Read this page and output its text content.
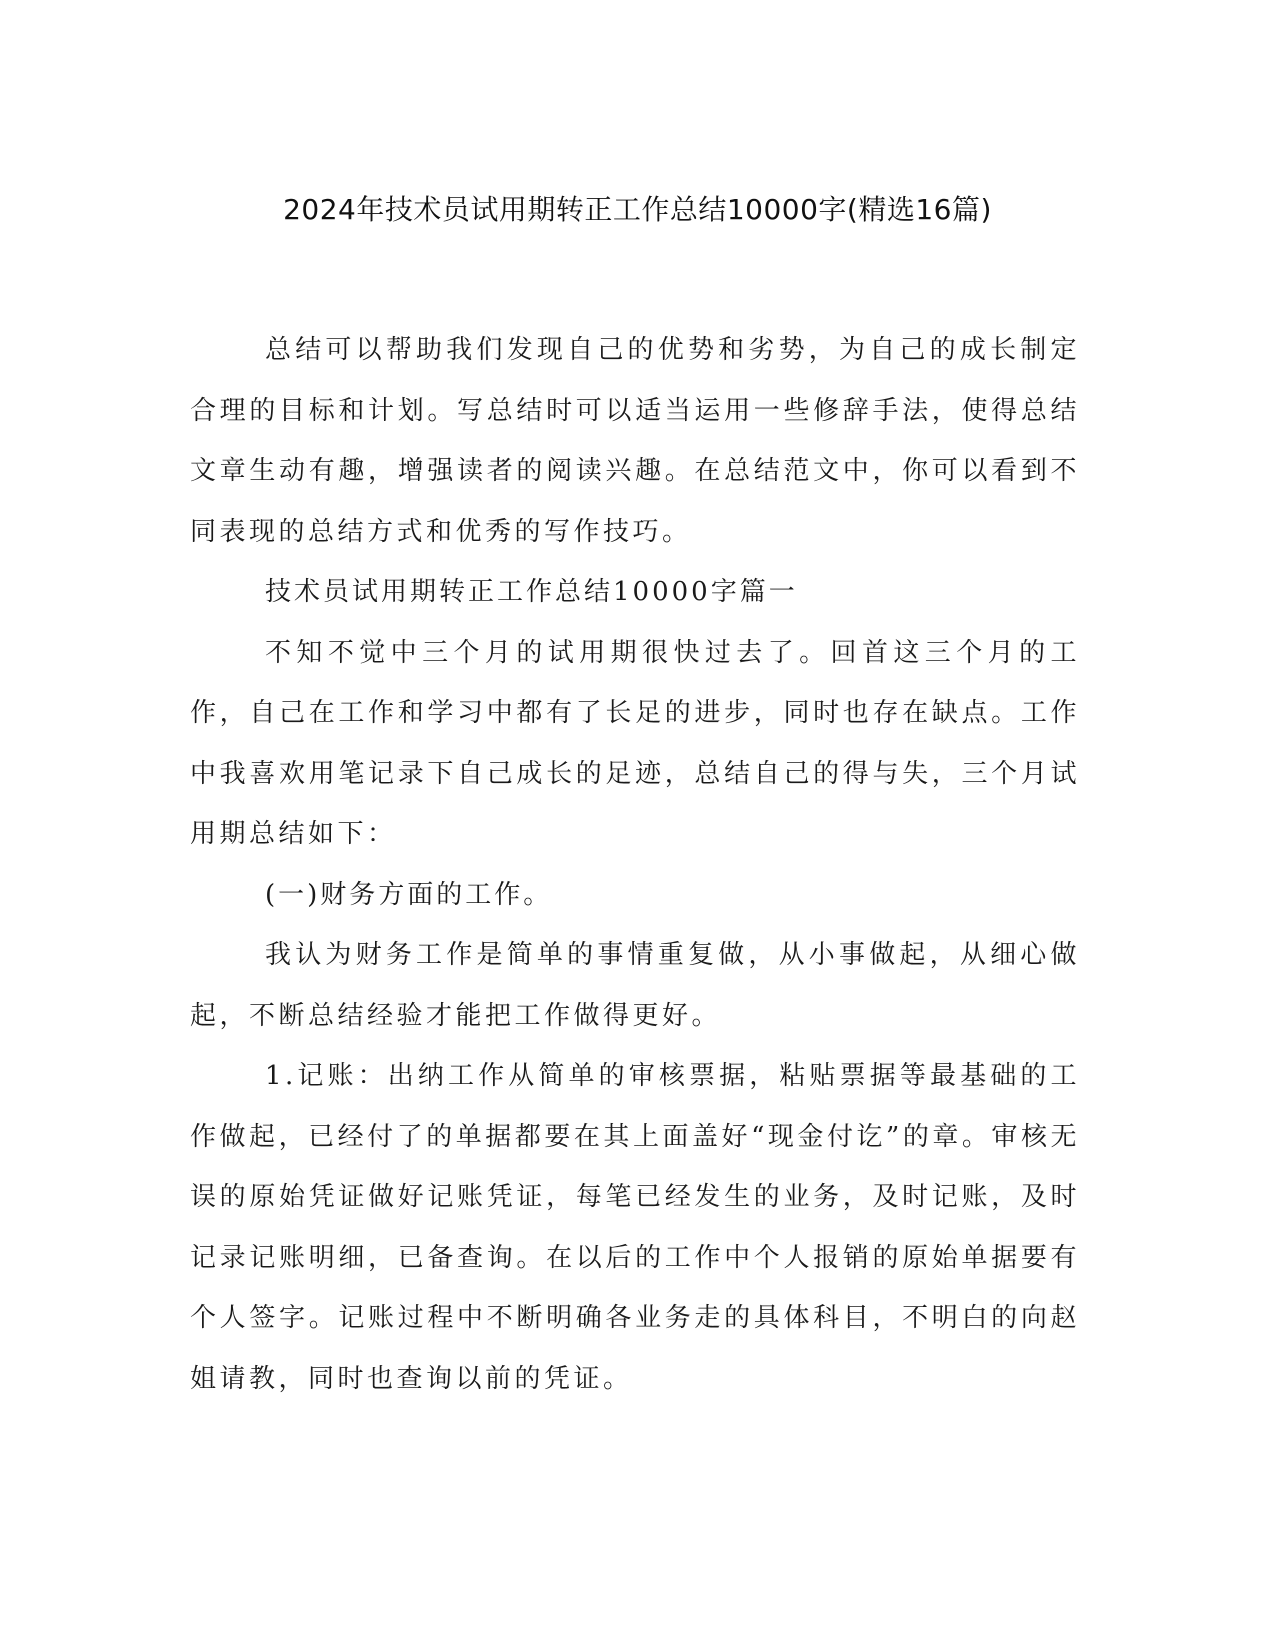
2024年技术员试用期转正工作总结10000字(精选16篇)

总结可以帮助我们发现自己的优势和劣势，为自己的成长制定合理的目标和计划。写总结时可以适当运用一些修辞手法，使得总结文章生动有趣，增强读者的阅读兴趣。在总结范文中，你可以看到不同表现的总结方式和优秀的写作技巧。

技术员试用期转正工作总结10000字篇一

不知不觉中三个月的试用期很快过去了。回首这三个月的工作，自己在工作和学习中都有了长足的进步，同时也存在缺点。工作中我喜欢用笔记录下自己成长的足迹，总结自己的得与失，三个月试用期总结如下：

(一)财务方面的工作。

我认为财务工作是简单的事情重复做，从小事做起，从细心做起，不断总结经验才能把工作做得更好。

1.记账：出纳工作从简单的审核票据，粘贴票据等最基础的工作做起，已经付了的单据都要在其上面盖好“现金付讫”的章。审核无误的原始凭证做好记账凭证，每笔已经发生的业务，及时记账，及时记录记账明细，已备查询。在以后的工作中个人报销的原始单据要有个人签字。记账过程中不断明确各业务走的具体科目，不明白的向赵姐请教，同时也查询以前的凭证。
